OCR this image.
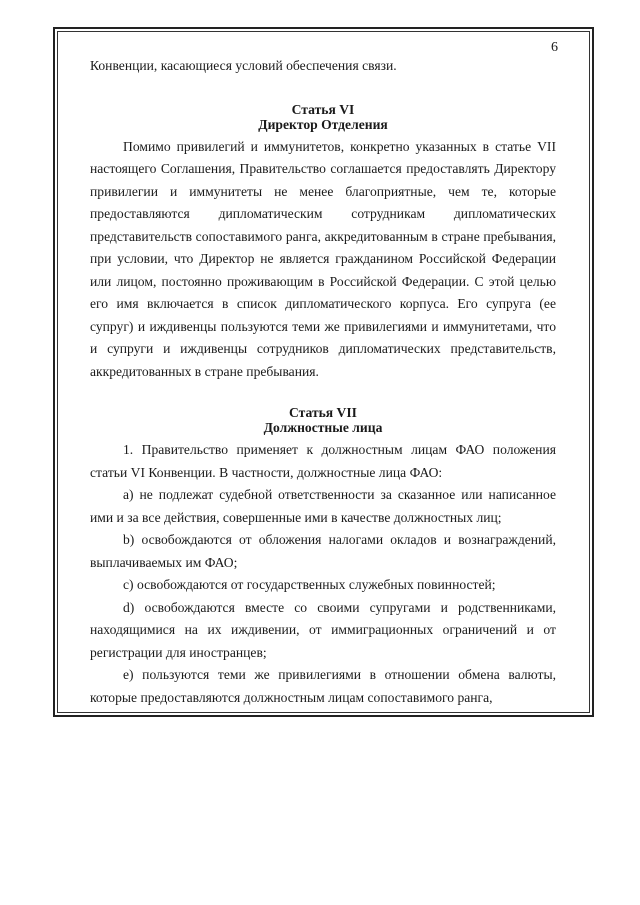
6

Конвенции, касающиеся условий обеспечения связи.

Статья VI
Директор Отделения

Помимо привилегий и иммунитетов, конкретно указанных в статье VII настоящего Соглашения, Правительство соглашается предоставлять Директору привилегии и иммунитеты не менее благоприятные, чем те, которые предоставляются дипломатическим сотрудникам дипломатических представительств сопоставимого ранга, аккредитованным в стране пребывания, при условии, что Директор не является гражданином Российской Федерации или лицом, постоянно проживающим в Российской Федерации. С этой целью его имя включается в список дипломатического корпуса. Его супруга (ее супруг) и иждивенцы пользуются теми же привилегиями и иммунитетами, что и супруги и иждивенцы сотрудников дипломатических представительств, аккредитованных в стране пребывания.

Статья VII
Должностные лица

1. Правительство применяет к должностным лицам ФАО положения статьи VI Конвенции. В частности, должностные лица ФАО:

а) не подлежат судебной ответственности за сказанное или написанное ими и за все действия, совершенные ими в качестве должностных лиц;

b) освобождаются от обложения налогами окладов и вознаграждений, выплачиваемых им ФАО;

c) освобождаются от государственных служебных повинностей;

d) освобождаются вместе со своими супругами и родственниками, находящимися на их иждивении, от иммиграционных ограничений и от регистрации для иностранцев;

e) пользуются теми же привилегиями в отношении обмена валюты, которые предоставляются должностным лицам сопоставимого ранга,
